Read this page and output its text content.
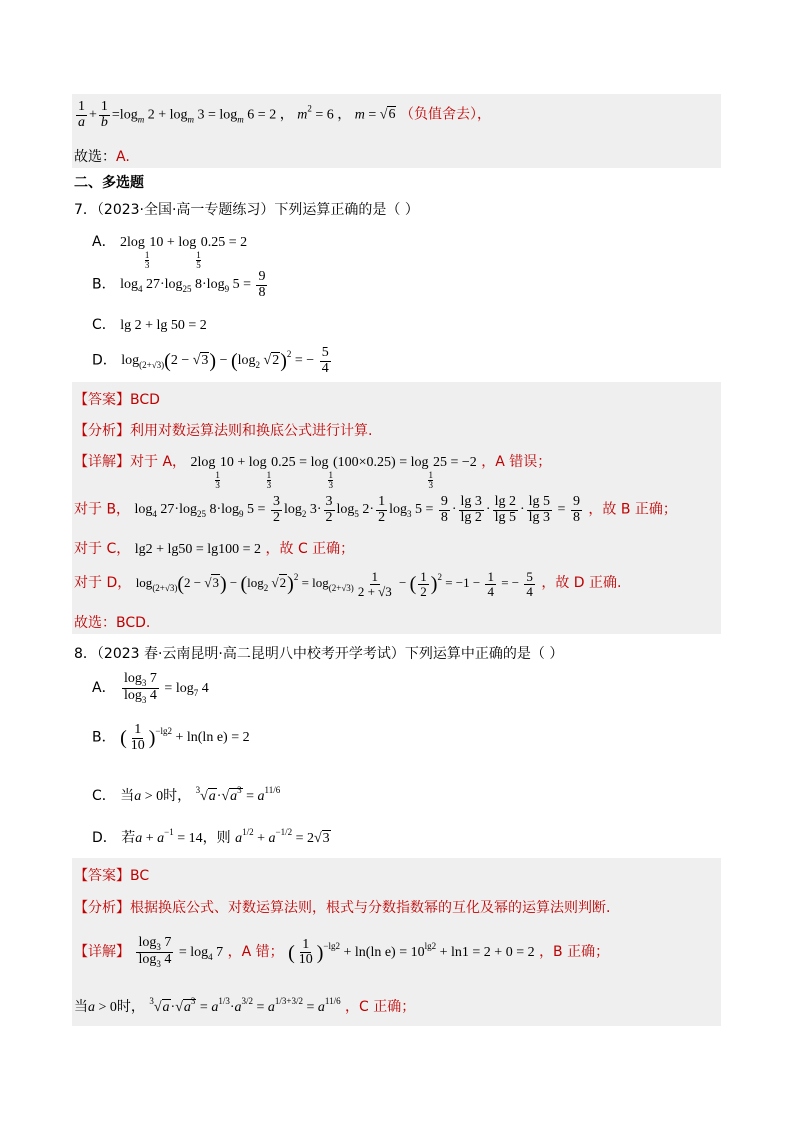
$\frac{1}{a} + \frac{1}{b} =\log_m$ $2 + \log_m 3 = \log_m 6 = 2$ ， $m^2 = 6$ ， m = √6 （负值舍去），
故选：A.
二、多选题
7．（2023·全国·高一专题练习）下列运算正确的是（ ）
A． 2log
$\frac{1}{3}$
10 + log
$\frac{1}{5}$
0.25 = 2
B． $\log_4 27\cdot\log_{25}$ $8\cdot\log_9$ $5 = \frac{9}{8}$
C． lg 2 + lg 50 = 2
D． $\log_{(2+√3)}(2 - √3) - (\log_2$ √2)$^2$ = − $\frac{5}{4}$
【答案】BCD
【分析】利用对数运算法则和换底公式进行计算.
【详解】对于 A， 2log
$\frac{1}{3}$
10 + log
$\frac{1}{3}$
0.25 = log
$\frac{1}{3}$
(100×0.25) = log
$\frac{1}{3}$
25 = −2 ，A 错误；
对于 B， $\log_4 27\cdot\log_{25}$ $8\cdot\log_9$ $5 = \frac{3}{2} \log_2 3\cdot \frac{3}{2} \log_5 2\cdot \frac{1}{2} \log_3 5 = \frac{9}{8} \cdot \frac{\lg 3}{\lg 2} \cdot \frac{\lg 2}{\lg 5} \cdot \frac{\lg 5}{\lg 3} = \frac{9}{8}$ ，故 B 正确；
对于 C， lg2 + lg50 = lg100 = 2 ，故 C 正确；
对于 D， $\log_{(2+√3)}(2 - √3) - (\log_2$ $√2)^2 = \log_{(2+√3)} \frac{1}{2 + √3}$ − ( $\frac{1}{2} )^2 = -1 - \frac{1}{4}$ = − $\frac{5}{4}$ ，故 D 正确.
故选：BCD.
8．（2023 春·云南昆明·高二昆明八中校考开学考试）下列运算中正确的是（ ）
A． $\frac{\log_3 7}{\log_3 4} = \log_7 4$
B． ( $\frac{1}{10} )^{-lg2} + \ln(\ln$ e) = 2
C． 当a > 0时， $^3√a\cdot√a^3 = a^{11/6}$
D． 若$a + a^{-1} = 14$，则 $a^{1/2} + a^{-1/2} = 2√3$
【答案】BC
【分析】根据换底公式、对数运算法则，根式与分数指数幂的互化及幂的运算法则判断.
【详解】 $\frac{\log_3 7}{\log_3 4} = \log_4 7$ ，A 错； ( $\frac{1}{10} )^{-lg2} + \ln(\ln$ $e) = 10^{lg2} + \ln 1 = 2 + 0 = 2$ ，B 正确；
当a > 0时， $^3√a\cdot√a^3 = a^{1/3}\cdot a^{3/2} = a^{1/3+3/2} = a^{11/6}$ ，C 正确；
